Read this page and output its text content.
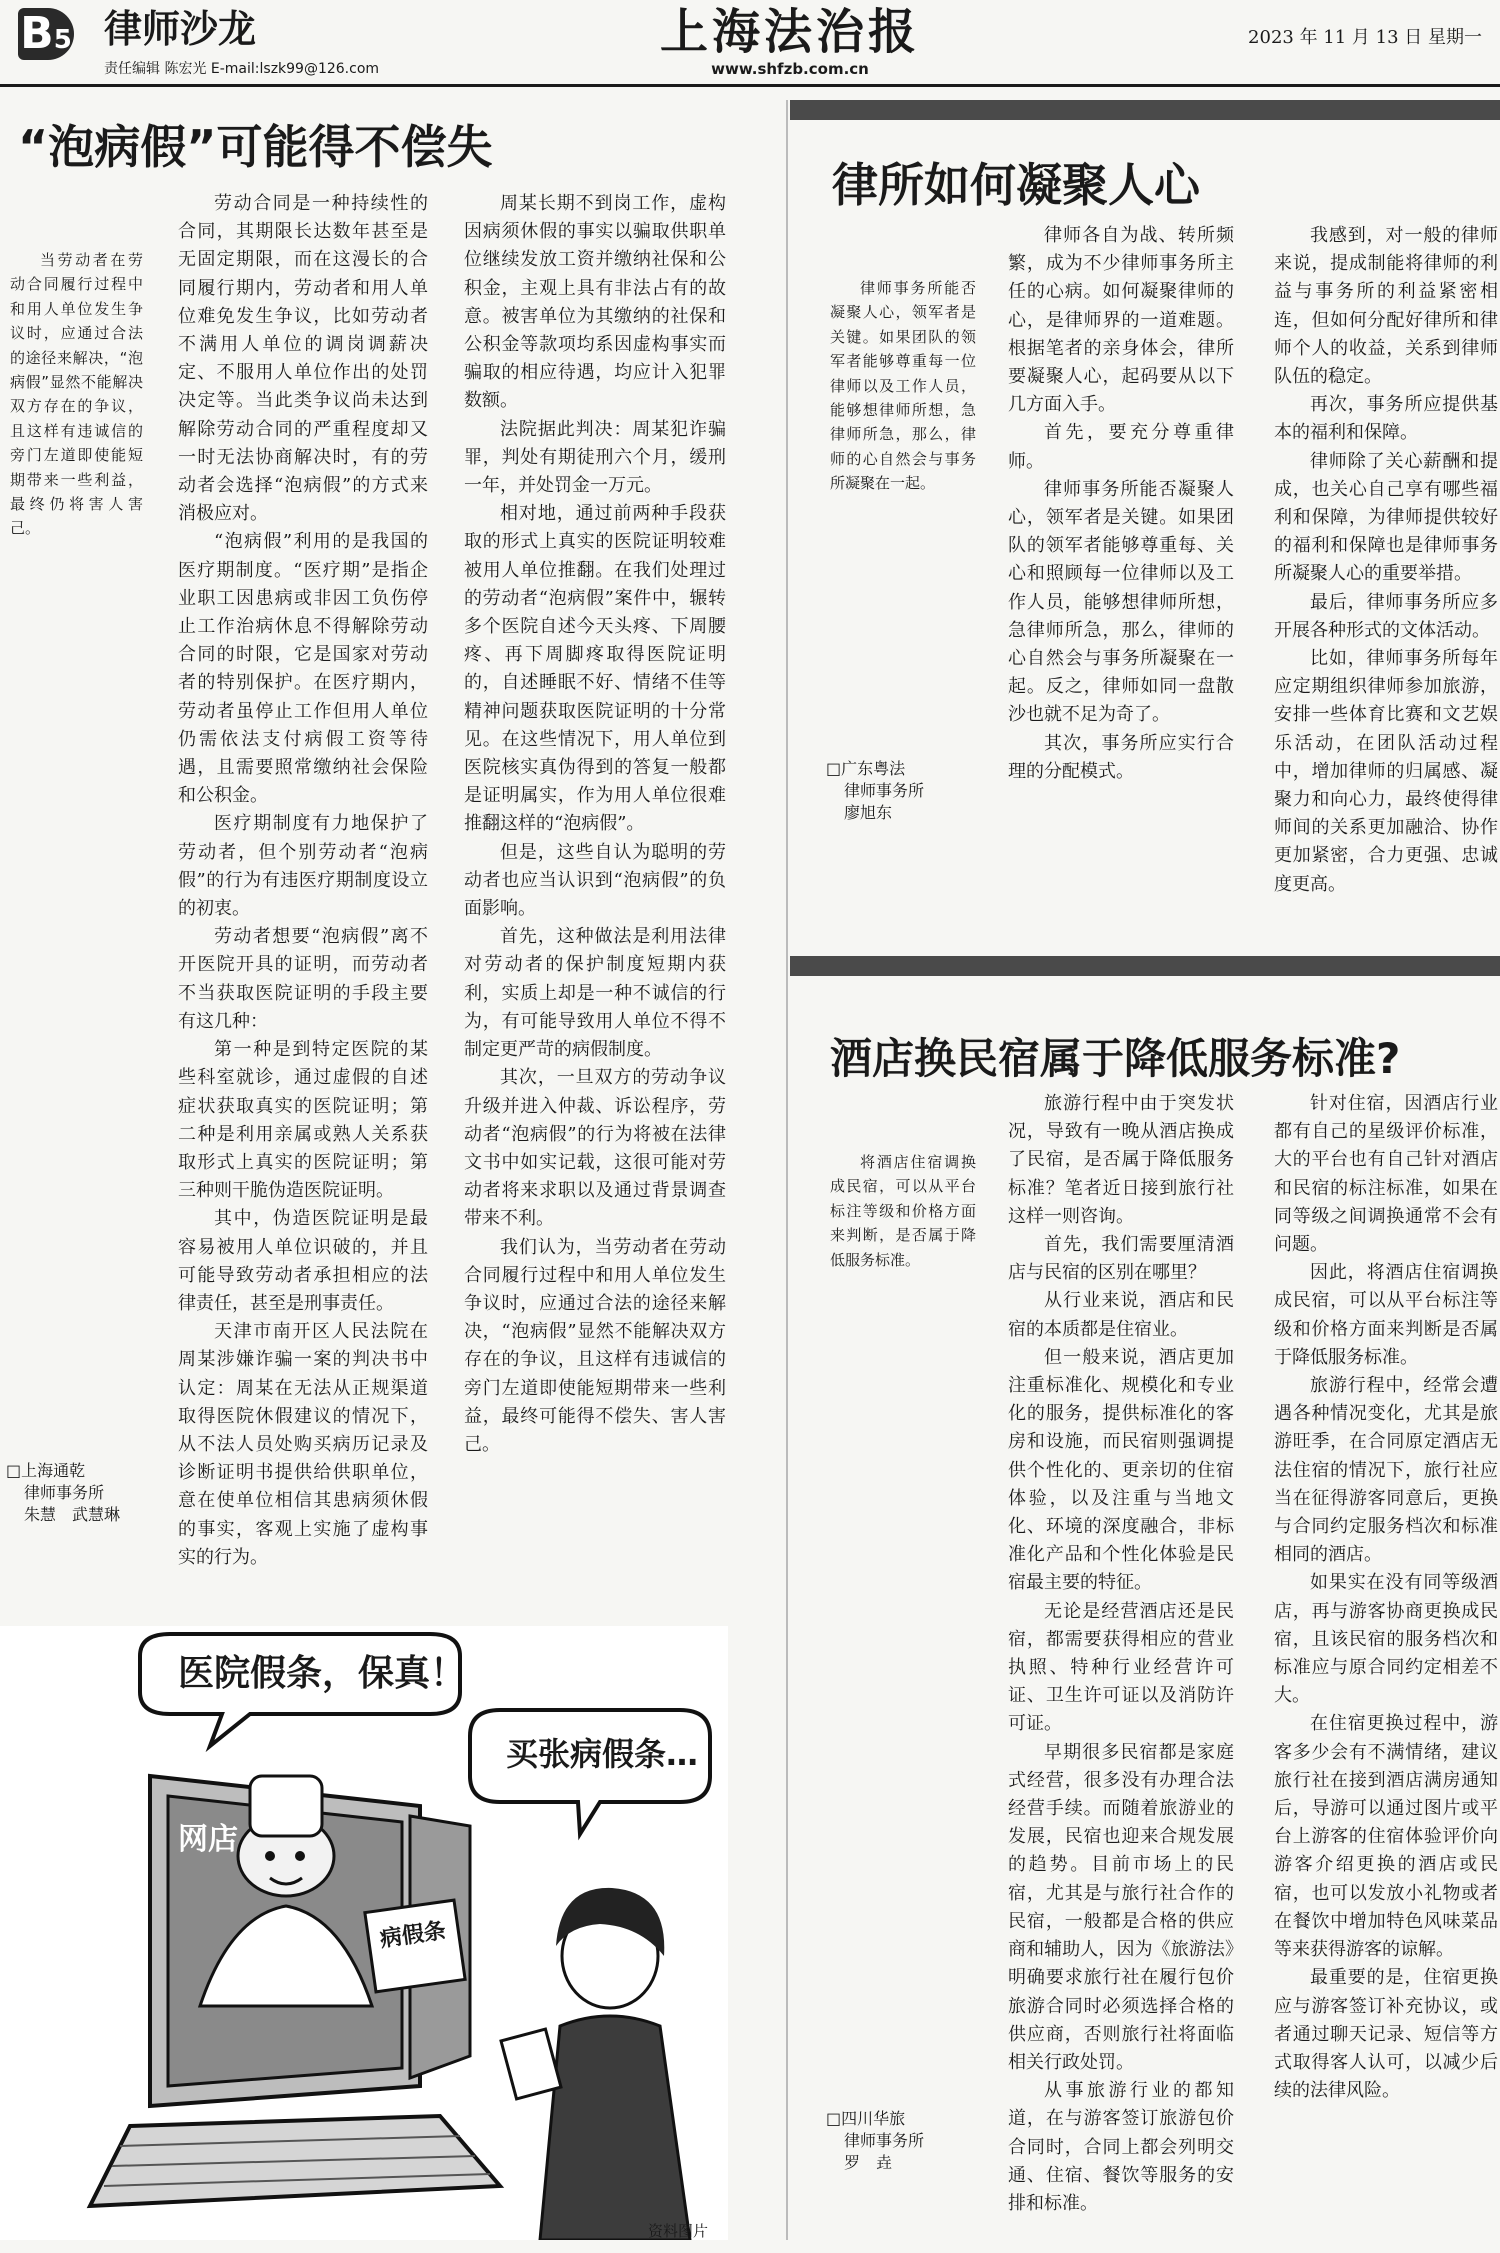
B5 律师沙龙
责任编辑 陈宏光 E-mail:lszk99@126.com
上海法治报
www.shfzb.com.cn
2023 年 11 月 13 日 星期一
“泡病假”可能得不偿失

当劳动者在劳动合同履行过程中和用人单位发生争议时，应通过合法的途径来解决，“泡病假”显然不能解决双方存在的争议，且这样有违诚信的旁门左道即使能短期带来一些利益，最终仍将害人害己。

□上海通乾
律师事务所
朱慧　武慧琳

劳动合同是一种持续性的合同，其期限长达数年甚至是无固定期限，而在这漫长的合同履行期内，劳动者和用人单位难免发生争议，比如劳动者不满用人单位的调岗调薪决定、不服用人单位作出的处罚决定等。当此类争议尚未达到解除劳动合同的严重程度却又一时无法协商解决时，有的劳动者会选择“泡病假”的方式来消极应对。

“泡病假”利用的是我国的医疗期制度。“医疗期”是指企业职工因患病或非因工负伤停止工作治病休息不得解除劳动合同的时限，它是国家对劳动者的特别保护。在医疗期内，劳动者虽停止工作但用人单位仍需依法支付病假工资等待遇，且需要照常缴纳社会保险和公积金。

医疗期制度有力地保护了劳动者，但个别劳动者“泡病假”的行为有违医疗期制度设立的初衷。

劳动者想要“泡病假”离不开医院开具的证明，而劳动者不当获取医院证明的手段主要有这几种：

第一种是到特定医院的某些科室就诊，通过虚假的自述症状获取真实的医院证明；第二种是利用亲属或熟人关系获取形式上真实的医院证明；第三种则干脆伪造医院证明。

其中，伪造医院证明是最容易被用人单位识破的，并且可能导致劳动者承担相应的法律责任，甚至是刑事责任。

天津市南开区人民法院在周某涉嫌诈骗一案的判决书中认定：周某在无法从正规渠道取得医院休假建议的情况下，从不法人员处购买病历记录及诊断证明书提供给供职单位，意在使单位相信其患病须休假的事实，客观上实施了虚构事实的行为。

周某长期不到岗工作，虚构因病须休假的事实以骗取供职单位继续发放工资并缴纳社保和公积金，主观上具有非法占有的故意。被害单位为其缴纳的社保和公积金等款项均系因虚构事实而骗取的相应待遇，均应计入犯罪数额。

法院据此判决：周某犯诈骗罪，判处有期徒刑六个月，缓刑一年，并处罚金一万元。

相对地，通过前两种手段获取的形式上真实的医院证明较难被用人单位推翻。在我们处理过的劳动者“泡病假”案件中，辗转多个医院自述今天头疼、下周腰疼、再下周脚疼取得医院证明的，自述睡眠不好、情绪不佳等精神问题获取医院证明的十分常见。在这些情况下，用人单位到医院核实真伪得到的答复一般都是证明属实，作为用人单位很难推翻这样的“泡病假”。

但是，这些自认为聪明的劳动者也应当认识到“泡病假”的负面影响。

首先，这种做法是利用法律对劳动者的保护制度短期内获利，实质上却是一种不诚信的行为，有可能导致用人单位不得不制定更严苛的病假制度。

其次，一旦双方的劳动争议升级并进入仲裁、诉讼程序，劳动者“泡病假”的行为将被在法律文书中如实记载，这很可能对劳动者将来求职以及通过背景调查带来不利。

我们认为，当劳动者在劳动合同履行过程中和用人单位发生争议时，应通过合法的途径来解决，“泡病假”显然不能解决双方存在的争议，且这样有违诚信的旁门左道即使能短期带来一些利益，最终可能得不偿失、害人害己。

医院假条，保真！
买张病假条…
网店
病假条
资料图片
律所如何凝聚人心

律师事务所能否凝聚人心，领军者是关键。如果团队的领军者能够尊重每一位律师以及工作人员，能够想律师所想，急律师所急，那么，律师的心自然会与事务所凝聚在一起。

□广东粤法
律师事务所
廖旭东

律师各自为战、转所频繁，成为不少律师事务所主任的心病。如何凝聚律师的心，是律师界的一道难题。根据笔者的亲身体会，律所要凝聚人心，起码要从以下几方面入手。

首先，要充分尊重律师。

律师事务所能否凝聚人心，领军者是关键。如果团队的领军者能够尊重每、关心和照顾每一位律师以及工作人员，能够想律师所想，急律师所急，那么，律师的心自然会与事务所凝聚在一起。反之，律师如同一盘散沙也就不足为奇了。

其次，事务所应实行合理的分配模式。

我感到，对一般的律师来说，提成制能将律师的利益与事务所的利益紧密相连，但如何分配好律所和律师个人的收益，关系到律师队伍的稳定。

再次，事务所应提供基本的福利和保障。

律师除了关心薪酬和提成，也关心自己享有哪些福利和保障，为律师提供较好的福利和保障也是律师事务所凝聚人心的重要举措。

最后，律师事务所应多开展各种形式的文体活动。

比如，律师事务所每年应定期组织律师参加旅游，安排一些体育比赛和文艺娱乐活动，在团队活动过程中，增加律师的归属感、凝聚力和向心力，最终使得律师间的关系更加融洽、协作更加紧密，合力更强、忠诚度更高。

酒店换民宿属于降低服务标准?

将酒店住宿调换成民宿，可以从平台标注等级和价格方面来判断，是否属于降低服务标准。

□四川华旅
律师事务所
罗　垚

旅游行程中由于突发状况，导致有一晚从酒店换成了民宿，是否属于降低服务标准？笔者近日接到旅行社这样一则咨询。

首先，我们需要厘清酒店与民宿的区别在哪里？

从行业来说，酒店和民宿的本质都是住宿业。

但一般来说，酒店更加注重标准化、规模化和专业化的服务，提供标准化的客房和设施，而民宿则强调提供个性化的、更亲切的住宿体验，以及注重与当地文化、环境的深度融合，非标准化产品和个性化体验是民宿最主要的特征。

无论是经营酒店还是民宿，都需要获得相应的营业执照、特种行业经营许可证、卫生许可证以及消防许可证。

早期很多民宿都是家庭式经营，很多没有办理合法经营手续。而随着旅游业的发展，民宿也迎来合规发展的趋势。目前市场上的民宿，尤其是与旅行社合作的民宿，一般都是合格的供应商和辅助人，因为《旅游法》明确要求旅行社在履行包价旅游合同时必须选择合格的供应商，否则旅行社将面临相关行政处罚。

从事旅游行业的都知道，在与游客签订旅游包价合同时，合同上都会列明交通、住宿、餐饮等服务的安排和标准。

针对住宿，因酒店行业都有自己的星级评价标准，大的平台也有自己针对酒店和民宿的标注标准，如果在同等级之间调换通常不会有问题。

因此，将酒店住宿调换成民宿，可以从平台标注等级和价格方面来判断是否属于降低服务标准。

旅游行程中，经常会遭遇各种情况变化，尤其是旅游旺季，在合同原定酒店无法住宿的情况下，旅行社应当在征得游客同意后，更换与合同约定服务档次和标准相同的酒店。

如果实在没有同等级酒店，再与游客协商更换成民宿，且该民宿的服务档次和标准应与原合同约定相差不大。

在住宿更换过程中，游客多少会有不满情绪，建议旅行社在接到酒店满房通知后，导游可以通过图片或平台上游客的住宿体验评价向游客介绍更换的酒店或民宿，也可以发放小礼物或者在餐饮中增加特色风味菜品等来获得游客的谅解。

最重要的是，住宿更换应与游客签订补充协议，或者通过聊天记录、短信等方式取得客人认可，以减少后续的法律风险。
